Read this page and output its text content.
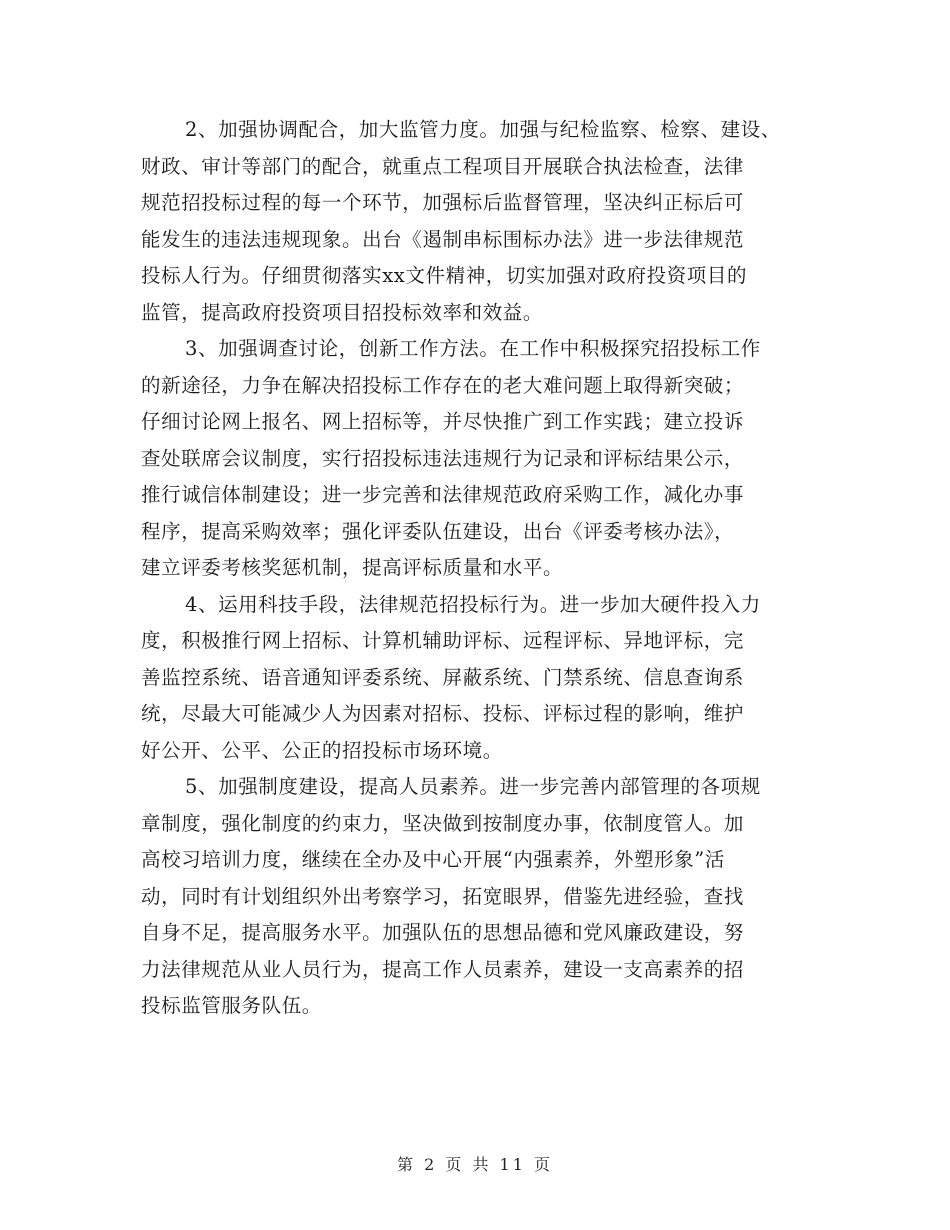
2、加强协调配合，加大监管力度。加强与纪检监察、检察、建设、
财政、审计等部门的配合，就重点工程项目开展联合执法检查，法律
规范招投标过程的每一个环节，加强标后监督管理，坚决纠正标后可
能发生的违法违规现象。出台《遏制串标围标办法》进一步法律规范
投标人行为。仔细贯彻落实xx文件精神，切实加强对政府投资项目的
监管，提高政府投资项目招投标效率和效益。
3、加强调查讨论，创新工作方法。在工作中积极探究招投标工作
的新途径，力争在解决招投标工作存在的老大难问题上取得新突破；
仔细讨论网上报名、网上招标等，并尽快推广到工作实践；建立投诉
查处联席会议制度，实行招投标违法违规行为记录和评标结果公示，
推行诚信体制建设；进一步完善和法律规范政府采购工作，减化办事
程序，提高采购效率；强化评委队伍建设，出台《评委考核办法》，
建立评委考核奖惩机制，提高评标质量和水平。
4、运用科技手段，法律规范招投标行为。进一步加大硬件投入力
度，积极推行网上招标、计算机辅助评标、远程评标、异地评标，完
善监控系统、语音通知评委系统、屏蔽系统、门禁系统、信息查询系
统，尽最大可能减少人为因素对招标、投标、评标过程的影响，维护
好公开、公平、公正的招投标市场环境。
5、加强制度建设，提高人员素养。进一步完善内部管理的各项规
章制度，强化制度的约束力，坚决做到按制度办事，依制度管人。加
高校习培训力度，继续在全办及中心开展“内强素养，外塑形象”活
动，同时有计划组织外出考察学习，拓宽眼界，借鉴先进经验，查找
自身不足，提高服务水平。加强队伍的思想品德和党风廉政建设，努
力法律规范从业人员行为，提高工作人员素养，建设一支高素养的招
投标监管服务队伍。
第 2 页 共 11 页
